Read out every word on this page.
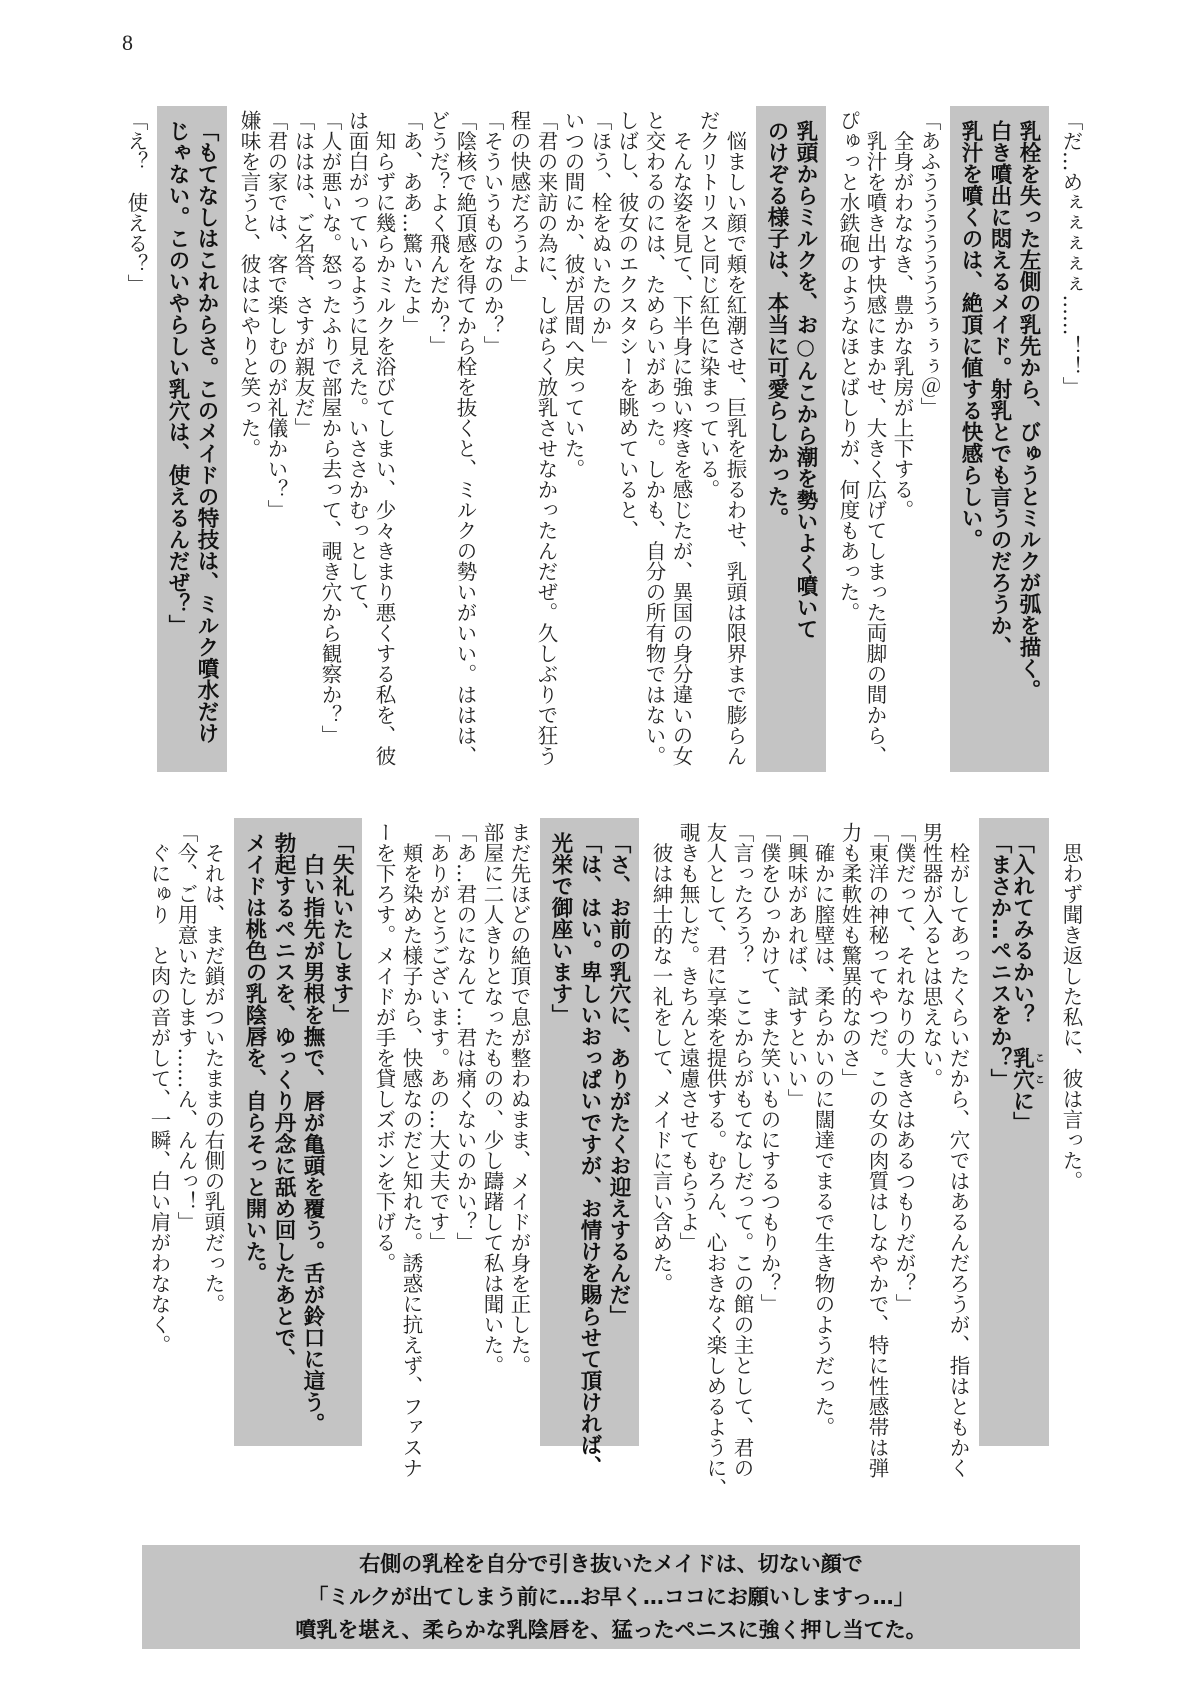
8
「だ…めぇぇぇぇぇ……！！」
乳栓を失った左側の乳先から、びゅうとミルクが弧を描く。
白き噴出に悶えるメイド。射乳とでも言うのだろうか、
乳汁を噴くのは、絶頂に値する快感らしい。
「あふうううううううぅぅぅ＠」
　全身がわななき、豊かな乳房が上下する。
　乳汁を噴き出す快感にまかせ、大きく広げてしまった両脚の間から、
ぴゅっと水鉄砲のようなほとばしりが、何度もあった。
乳頭からミルクを、お○んこから潮を勢いよく噴いて
のけぞる様子は、本当に可愛らしかった。
　悩ましい顔で頬を紅潮させ、巨乳を振るわせ、乳頭は限界まで膨らん
だクリトリスと同じ紅色に染まっている。
　そんな姿を見て、下半身に強い疼きを感じたが、異国の身分違いの女
と交わるのには、ためらいがあった。しかも、自分の所有物ではない。
しばし、彼女のエクスタシーを眺めていると、
「ほう、栓をぬいたのか」
いつの間にか、彼が居間へ戻っていた。
「君の来訪の為に、しばらく放乳させなかったんだぜ。久しぶりで狂う
程の快感だろうよ」
「そういうものなのか？」
「陰核で絶頂感を得てから栓を抜くと、ミルクの勢いがいい。ははは、
どうだ？よく飛んだか？」
「あ、ああ…驚いたよ」
　知らずに幾らかミルクを浴びてしまい、少々きまり悪くする私を、彼
は面白がっているように見えた。いささかむっとして、
「人が悪いな。怒ったふりで部屋から去って、覗き穴から観察か？」
「ははは、ご名答、さすが親友だ」
「君の家では、客で楽しむのが礼儀かい？」
嫌味を言うと、彼はにやりと笑った。
「もてなしはこれからさ。このメイドの特技は、ミルク噴水だけ
じゃない。このいやらしい乳穴は、使えるんだぜ？」
「え？　使える？」
　思わず聞き返した私に、彼は言った。
「入れてみるかい？　乳穴ここに」
「まさか…ペニスをか？」
　栓がしてあったくらいだから、穴ではあるんだろうが、指はともかく
男性器が入るとは思えない。
「僕だって、それなりの大きさはあるつもりだが？」
「東洋の神秘ってやつだ。この女の肉質はしなやかで、特に性感帯は弾
力も柔軟姓も驚異的なのさ」
　確かに膣壁は、柔らかいのに闊達でまるで生き物のようだった。
「興味があれば、試すといい」
「僕をひっかけて、また笑いものにするつもりか？」
「言ったろう？　ここからがもてなしだって。この館の主として、君の
友人として、君に享楽を提供する。むろん、心おきなく楽しめるように、
覗きも無しだ。きちんと遠慮させてもらうよ」
　彼は紳士的な一礼をして、メイドに言い含めた。
「さ、お前の乳穴に、ありがたくお迎えするんだ」
「は、はい。卑しいおっぱいですが、お情けを賜らせて頂ければ、
光栄で御座います」
まだ先ほどの絶頂で息が整わぬまま、メイドが身を正した。
部屋に二人きりとなったものの、少し躊躇して私は聞いた。
「あ…君のになんて…君は痛くないのかい？」
「ありがとうございます。あの…大丈夫です」
　頬を染めた様子から、快感なのだと知れた。誘惑に抗えず、ファスナ
ーを下ろす。メイドが手を貸しズボンを下げる。
「失礼いたします」
　白い指先が男根を撫で、唇が亀頭を覆う。舌が鈴口に這う。
勃起するペニスを、ゆっくり丹念に舐め回したあとで、
メイドは桃色の乳陰唇を、自らそっと開いた。
　それは、まだ鎖がついたままの右側の乳頭だった。
「今、ご用意いたします……ん、んんっ！」
　ぐにゅり　と肉の音がして、一瞬、白い肩がわななく。
右側の乳栓を自分で引き抜いたメイドは、切ない顔で
「ミルクが出てしまう前に…お早く…ココにお願いしますっ…」
噴乳を堪え、柔らかな乳陰唇を、猛ったペニスに強く押し当てた。
